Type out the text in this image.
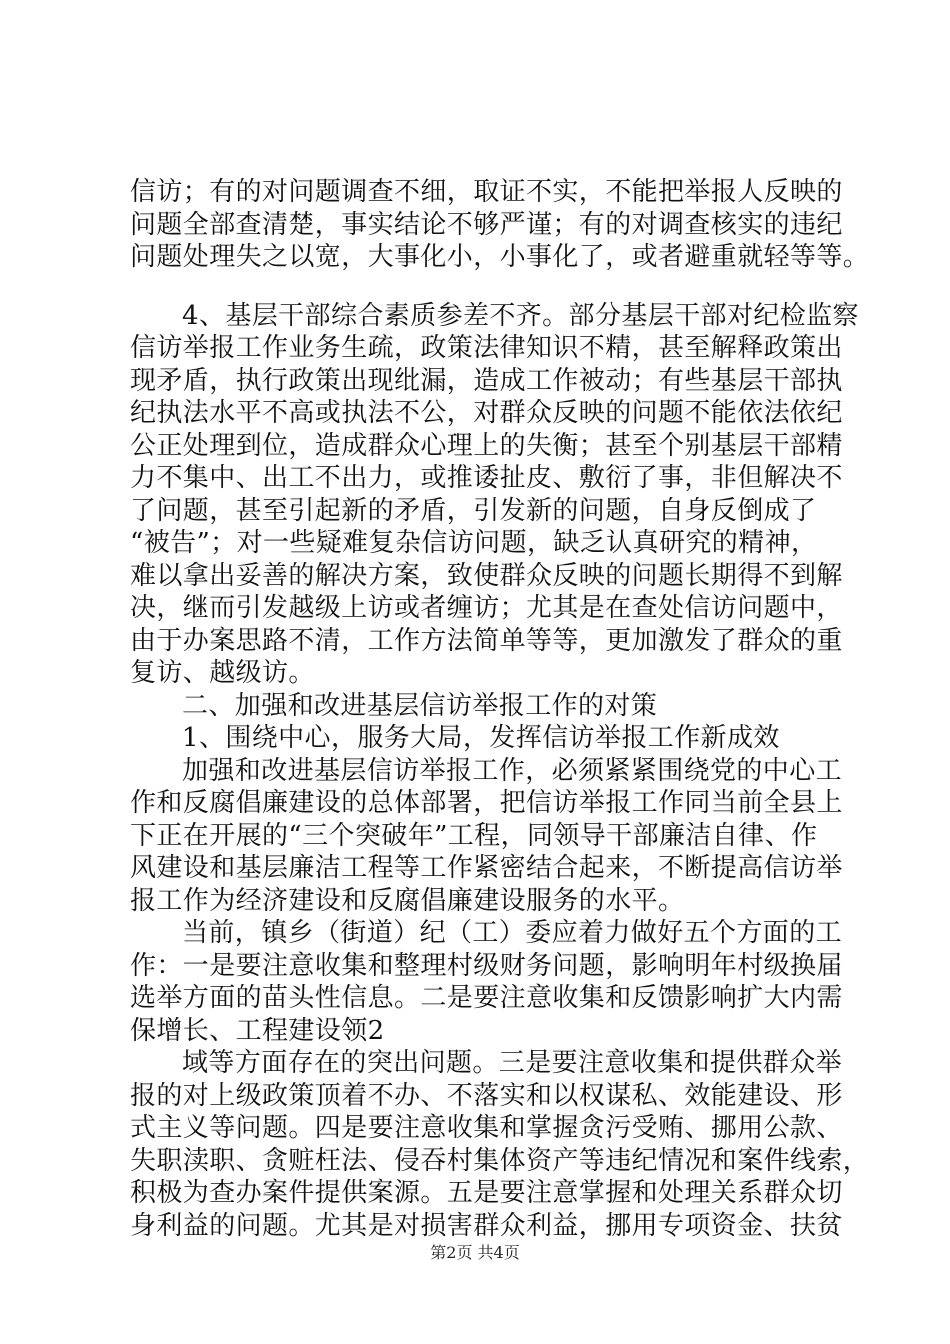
信访；有的对问题调查不细，取证不实，不能把举报人反映的
问题全部查清楚，事实结论不够严谨；有的对调查核实的违纪
问题处理失之以宽，大事化小，小事化了，或者避重就轻等等。
4、基层干部综合素质参差不齐。部分基层干部对纪检监察
信访举报工作业务生疏，政策法律知识不精，甚至解释政策出
现矛盾，执行政策出现纰漏，造成工作被动；有些基层干部执
纪执法水平不高或执法不公，对群众反映的问题不能依法依纪
公正处理到位，造成群众心理上的失衡；甚至个别基层干部精
力不集中、出工不出力，或推诿扯皮、敷衍了事，非但解决不
了问题，甚至引起新的矛盾，引发新的问题，自身反倒成了
“被告”；对一些疑难复杂信访问题，缺乏认真研究的精神，
难以拿出妥善的解决方案，致使群众反映的问题长期得不到解
决，继而引发越级上访或者缠访；尤其是在查处信访问题中，
由于办案思路不清，工作方法简单等等，更加激发了群众的重
复访、越级访。
二、加强和改进基层信访举报工作的对策
1、围绕中心，服务大局，发挥信访举报工作新成效
加强和改进基层信访举报工作，必须紧紧围绕党的中心工
作和反腐倡廉建设的总体部署，把信访举报工作同当前全县上
下正在开展的“三个突破年”工程，同领导干部廉洁自律、作
风建设和基层廉洁工程等工作紧密结合起来，不断提高信访举
报工作为经济建设和反腐倡廉建设服务的水平。
当前，镇乡（街道）纪（工）委应着力做好五个方面的工
作：一是要注意收集和整理村级财务问题，影响明年村级换届
选举方面的苗头性信息。二是要注意收集和反馈影响扩大内需
保增长、工程建设领2
域等方面存在的突出问题。三是要注意收集和提供群众举
报的对上级政策顶着不办、不落实和以权谋私、效能建设、形
式主义等问题。四是要注意收集和掌握贪污受贿、挪用公款、
失职渎职、贪赃枉法、侵吞村集体资产等违纪情况和案件线索，
积极为查办案件提供案源。五是要注意掌握和处理关系群众切
身利益的问题。尤其是对损害群众利益，挪用专项资金、扶贫
第2页 共4页
